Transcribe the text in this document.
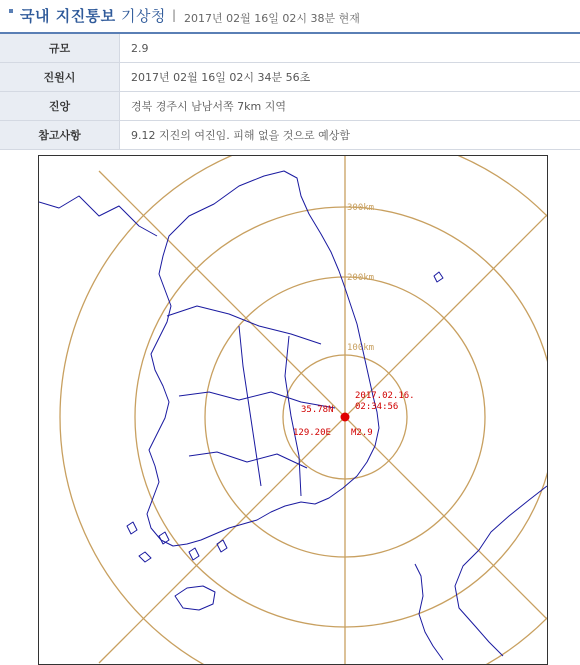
국내 지진통보 기상청 | 2017년 02월 16일 02시 38분 현재
규모	2.9
진원시	2017년 02월 16일 02시 34분 56초
진앙	경북 경주시 남남서쪽 7km 지역
참고사항	9.12 지진의 여진임. 피해 없을 것으로 예상함
100km
200km
300km
35.78N
129.20E
2017.02.16.
02:34:56
M2.9
